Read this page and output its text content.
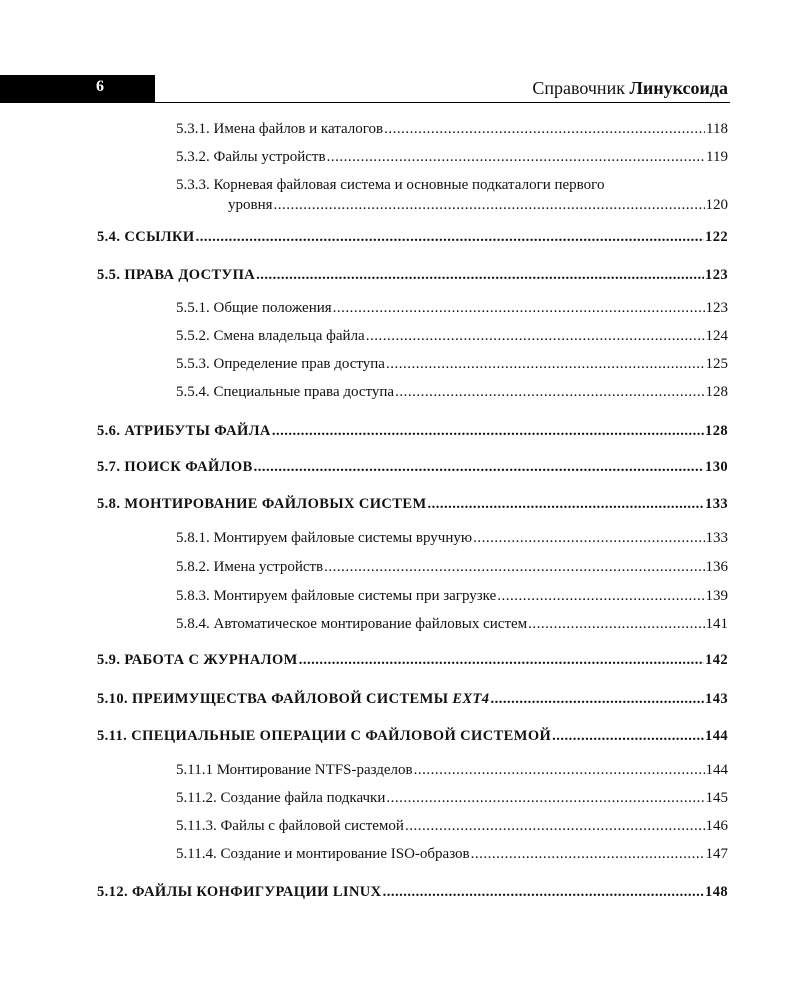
6	Справочник Линуксоида
5.3.1. Имена файлов и каталогов .....	118
5.3.2. Файлы устройств .....	119
5.3.3. Корневая файловая система и основные подкаталоги первого
уровня .....	120
5.4. ССЫЛКИ .....	122
5.5. ПРАВА ДОСТУПА .....	123
5.5.1. Общие положения .....	123
5.5.2. Смена владельца файла .....	124
5.5.3. Определение прав доступа .....	125
5.5.4. Специальные права доступа .....	128
5.6. АТРИБУТЫ ФАЙЛА .....	128
5.7. ПОИСК ФАЙЛОВ .....	130
5.8. МОНТИРОВАНИЕ ФАЙЛОВЫХ СИСТЕМ .....	133
5.8.1. Монтируем файловые системы вручную .....	133
5.8.2. Имена устройств .....	136
5.8.3. Монтируем файловые системы при загрузке .....	139
5.8.4. Автоматическое монтирование файловых систем .....	141
5.9. РАБОТА С ЖУРНАЛОМ .....	142
5.10. ПРЕИМУЩЕСТВА ФАЙЛОВОЙ СИСТЕМЫ EXT4 .....	143
5.11. СПЕЦИАЛЬНЫЕ ОПЕРАЦИИ С ФАЙЛОВОЙ СИСТЕМОЙ .....	144
5.11.1 Монтирование NTFS-разделов .....	144
5.11.2. Создание файла подкачки .....	145
5.11.3. Файлы с файловой системой .....	146
5.11.4. Создание и монтирование ISO-образов .....	147
5.12. ФАЙЛЫ КОНФИГУРАЦИИ LINUX .....	148
